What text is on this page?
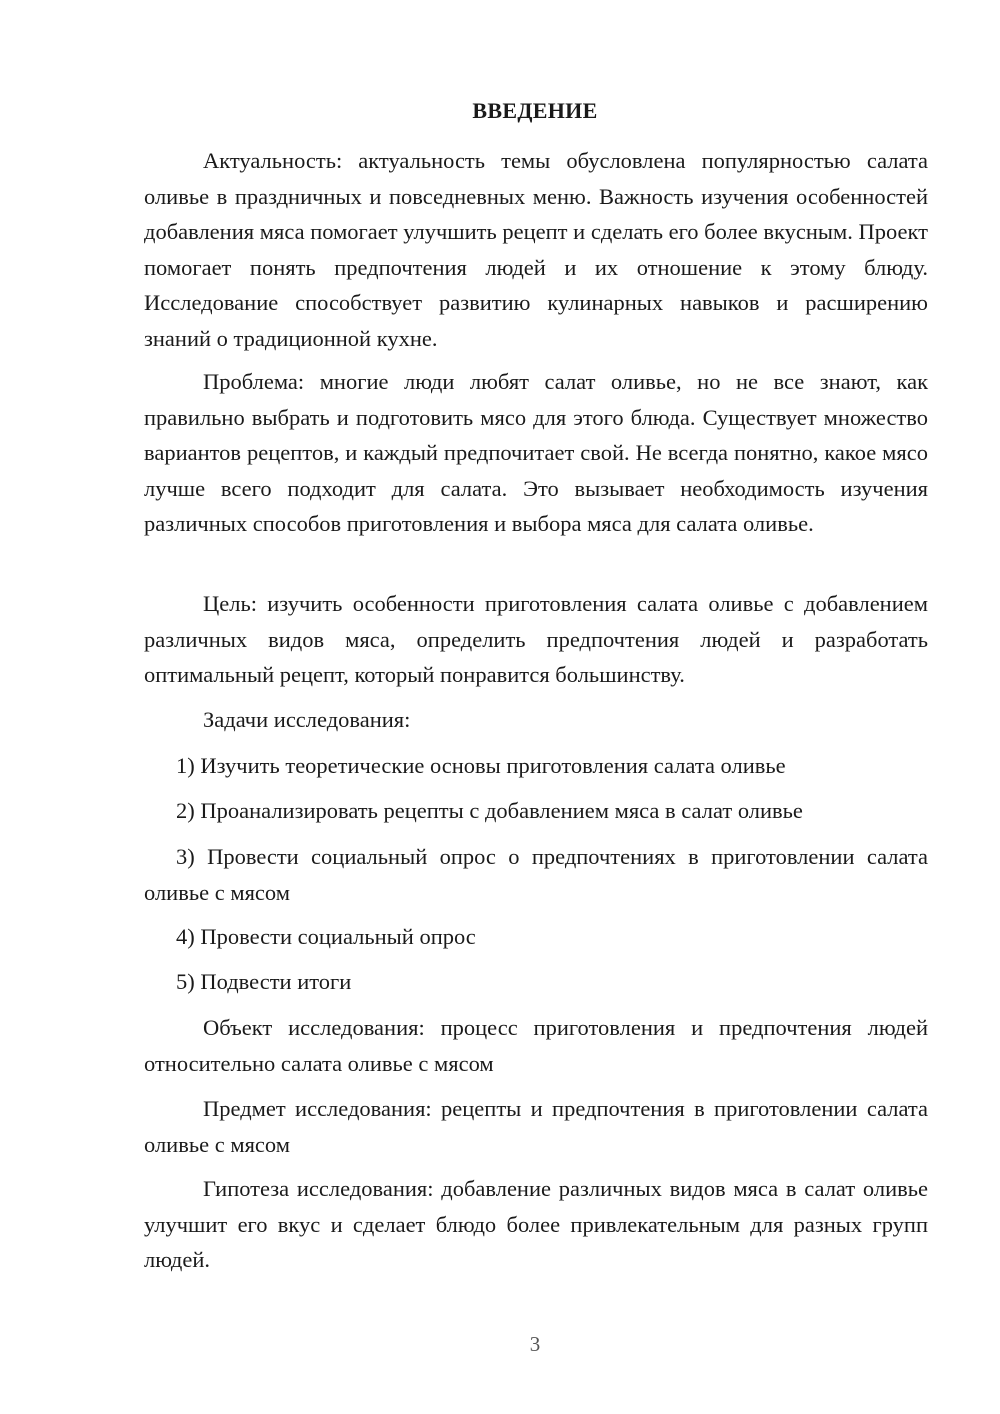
ВВЕДЕНИЕ

Актуальность: актуальность темы обусловлена популярностью салата оливье в праздничных и повседневных меню. Важность изучения особенностей добавления мяса помогает улучшить рецепт и сделать его более вкусным. Проект помогает понять предпочтения людей и их отношение к этому блюду. Исследование способствует развитию кулинарных навыков и расширению знаний о традиционной кухне.

Проблема: многие люди любят салат оливье, но не все знают, как правильно выбрать и подготовить мясо для этого блюда. Существует множество вариантов рецептов, и каждый предпочитает свой. Не всегда понятно, какое мясо лучше всего подходит для салата. Это вызывает необходимость изучения различных способов приготовления и выбора мяса для салата оливье.

Цель: изучить особенности приготовления салата оливье с добавлением различных видов мяса, определить предпочтения людей и разработать оптимальный рецепт, который понравится большинству.

Задачи исследования:

1) Изучить теоретические основы приготовления салата оливье

2) Проанализировать рецепты с добавлением мяса в салат оливье

3) Провести социальный опрос о предпочтениях в приготовлении салата оливье с мясом

4) Провести социальный опрос

5) Подвести итоги

Объект исследования: процесс приготовления и предпочтения людей относительно салата оливье с мясом

Предмет исследования: рецепты и предпочтения в приготовлении салата оливье с мясом

Гипотеза исследования: добавление различных видов мяса в салат оливье улучшит его вкус и сделает блюдо более привлекательным для разных групп людей.

3
